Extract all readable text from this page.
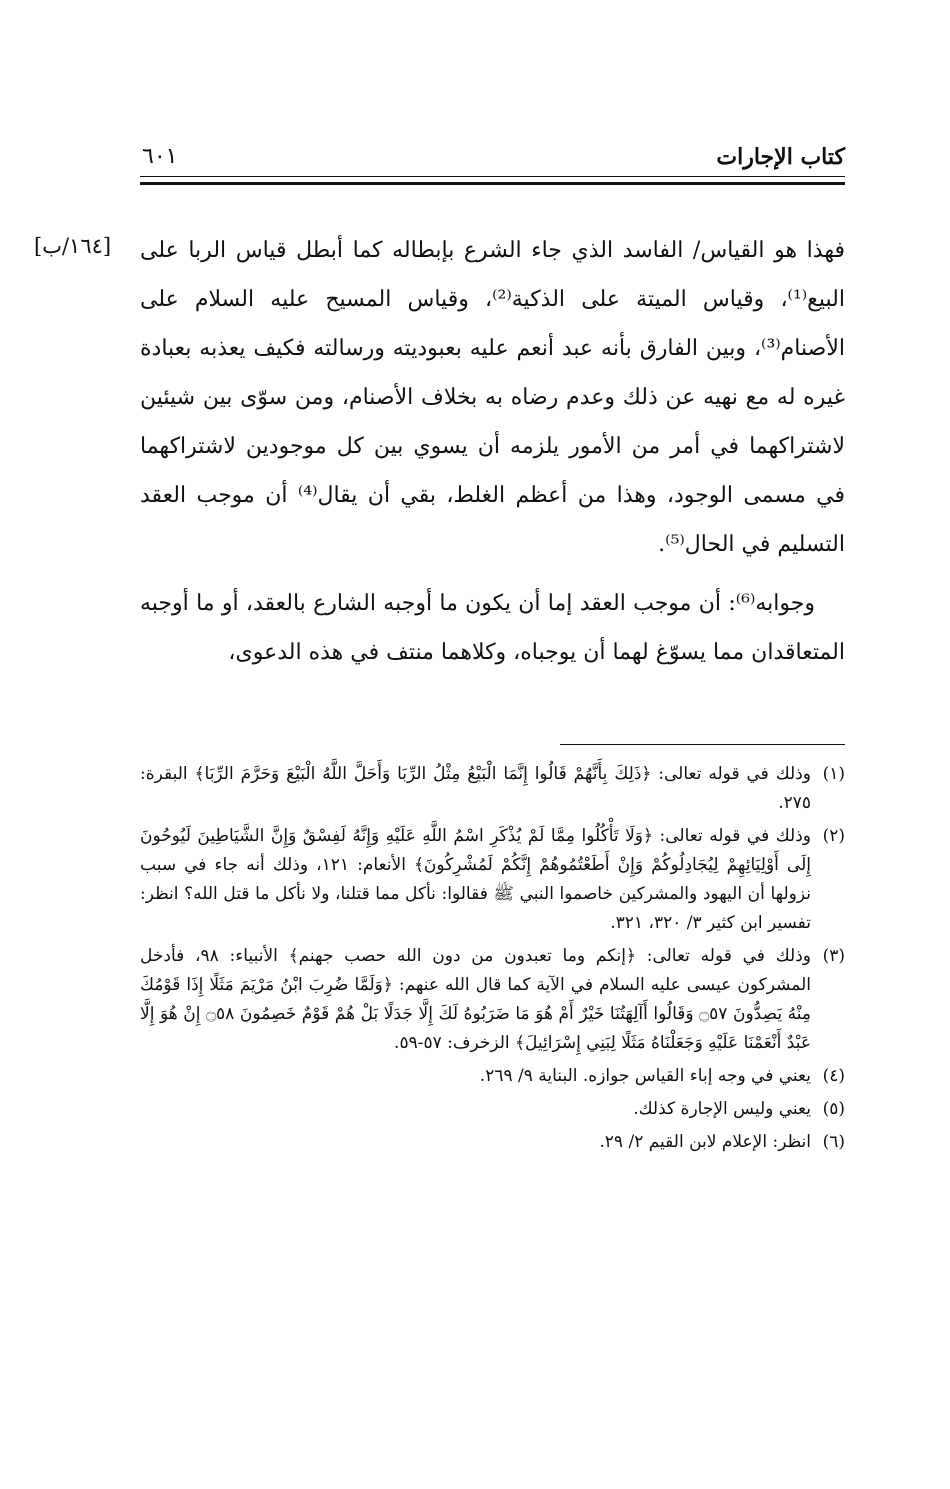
كتاب الإجارات
٦٠١
[١٦٤/ب]	فهذا هو القياس/ الفاسد الذي جاء الشرع بإبطاله كما أبطل قياس الربا على البيع⁽¹⁾، وقياس الميتة على الذكية⁽²⁾، وقياس المسيح عليه السلام على الأصنام⁽³⁾، وبين الفارق بأنه عبد أنعم عليه بعبوديته ورسالته فكيف يعذبه بعبادة غيره له مع نهيه عن ذلك وعدم رضاه به بخلاف الأصنام، ومن سوّى بين شيئين لاشتراكهما في أمر من الأمور يلزمه أن يسوي بين كل موجودين لاشتراكهما في مسمى الوجود، وهذا من أعظم الغلط، بقي أن يقال⁽⁴⁾ أن موجب العقد التسليم في الحال⁽⁵⁾.

وجوابه⁽⁶⁾: أن موجب العقد إما أن يكون ما أوجبه الشارع بالعقد، أو ما أوجبه المتعاقدان مما يسوّغ لهما أن يوجباه، وكلاهما منتف في هذه الدعوى،

(١)
وذلك في قوله تعالى: ﴿ذَلِكَ بِأَنَّهُمْ قَالُوا إِنَّمَا الْبَيْعُ مِثْلُ الرِّبَا وَأَحَلَّ اللَّهُ الْبَيْعَ وَحَرَّمَ الرِّبَا﴾ البقرة: ٢٧٥.
(٢)
وذلك في قوله تعالى: ﴿وَلَا تَأْكُلُوا مِمَّا لَمْ يُذْكَرِ اسْمُ اللَّهِ عَلَيْهِ وَإِنَّهُ لَفِسْقٌ وَإِنَّ الشَّيَاطِينَ لَيُوحُونَ إِلَى أَوْلِيَائِهِمْ لِيُجَادِلُوكُمْ وَإِنْ أَطَعْتُمُوهُمْ إِنَّكُمْ لَمُشْرِكُونَ﴾ الأنعام: ١٢١، وذلك أنه جاء في سبب نزولها أن اليهود والمشركين خاصموا النبي ﷺ فقالوا: نأكل مما قتلنا، ولا نأكل ما قتل الله؟ انظر: تفسير ابن كثير ٣/ ٣٢٠، ٣٢١.
(٣)
وذلك في قوله تعالى: ﴿إنكم وما تعبدون من دون الله حصب جهنم﴾ الأنبياء: ٩٨، فأدخل المشركون عيسى عليه السلام في الآية كما قال الله عنهم: ﴿وَلَمَّا ضُرِبَ ابْنُ مَرْيَمَ مَثَلًا إِذَا قَوْمُكَ مِنْهُ يَصِدُّونَ ۝٥٧ وَقَالُوا أَآلِهَتُنَا خَيْرٌ أَمْ هُوَ مَا ضَرَبُوهُ لَكَ إِلَّا جَدَلًا بَلْ هُمْ قَوْمٌ خَصِمُونَ ۝٥٨ إِنْ هُوَ إِلَّا عَبْدٌ أَنْعَمْنَا عَلَيْهِ وَجَعَلْنَاهُ مَثَلًا لِبَنِي إِسْرَائِيلَ﴾ الزخرف: ٥٧-٥٩.
(٤)
يعني في وجه إباء القياس جوازه. البناية ٩/ ٢٦٩.
(٥)
يعني وليس الإجارة كذلك.
(٦)
انظر: الإعلام لابن القيم ٢/ ٢٩.
